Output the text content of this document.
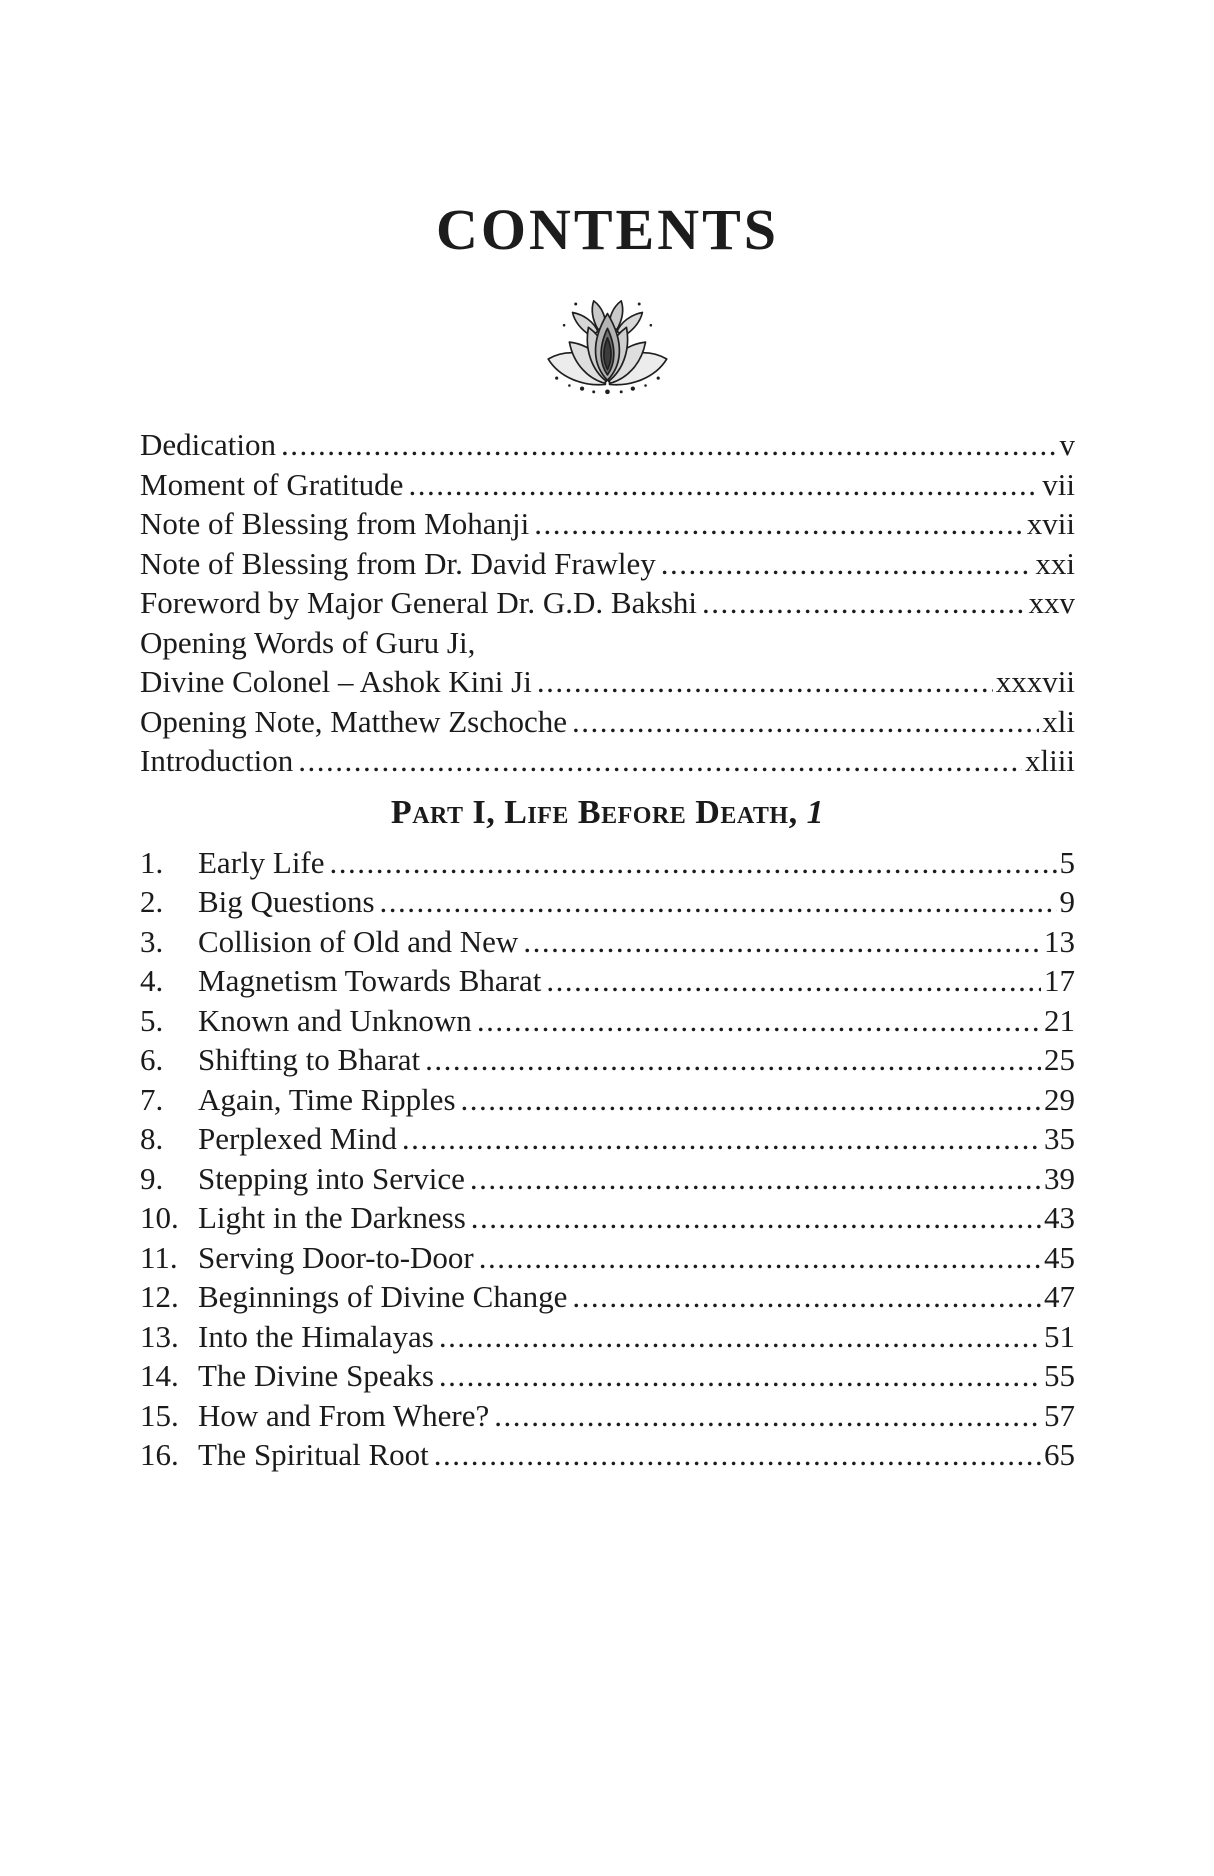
CONTENTS
Dedication .....	v
Moment of Gratitude .....	vii
Note of Blessing from Mohanji .....	xvii
Note of Blessing from Dr. David Frawley .....	xxi
Foreword by Major General Dr. G.D. Bakshi .....	xxv
Opening Words of Guru Ji,
Divine Colonel – Ashok Kini Ji .....	xxxvii
Opening Note, Matthew Zschoche .....	xli
Introduction .....	xliii
Part I, Life Before Death, 1
1.	Early Life .....	5
2.	Big Questions .....	9
3.	Collision of Old and New .....	13
4.	Magnetism Towards Bharat .....	17
5.	Known and Unknown .....	21
6.	Shifting to Bharat .....	25
7.	Again, Time Ripples .....	29
8.	Perplexed Mind .....	35
9.	Stepping into Service .....	39
10. Light in the Darkness .....	43
11. Serving Door-to-Door .....	45
12. Beginnings of Divine Change .....	47
13. Into the Himalayas .....	51
14. The Divine Speaks .....	55
15. How and From Where? .....	57
16. The Spiritual Root .....	65
